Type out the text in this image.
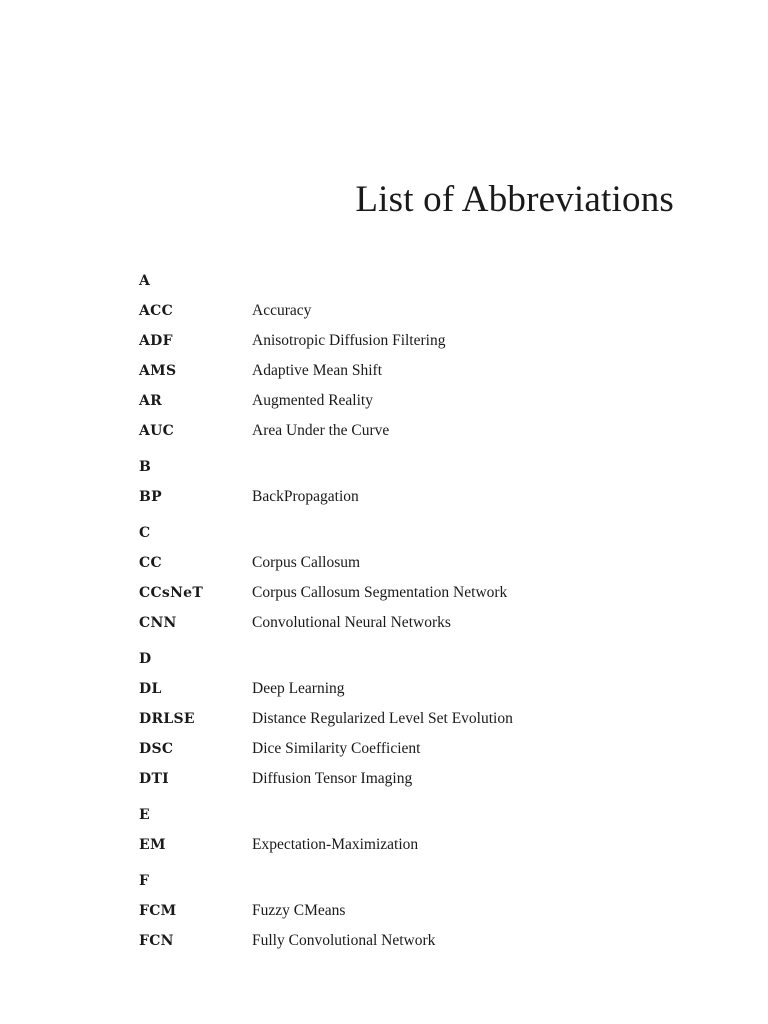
List of Abbreviations
A
ACC	Accuracy
ADF	Anisotropic Diffusion Filtering
AMS	Adaptive Mean Shift
AR	Augmented Reality
AUC	Area Under the Curve
B
BP	BackPropagation
C
CC	Corpus Callosum
CCsNeT	Corpus Callosum Segmentation Network
CNN	Convolutional Neural Networks
D
DL	Deep Learning
DRLSE	Distance Regularized Level Set Evolution
DSC	Dice Similarity Coefficient
DTI	Diffusion Tensor Imaging
E
EM	Expectation-Maximization
F
FCM	Fuzzy CMeans
FCN	Fully Convolutional Network
